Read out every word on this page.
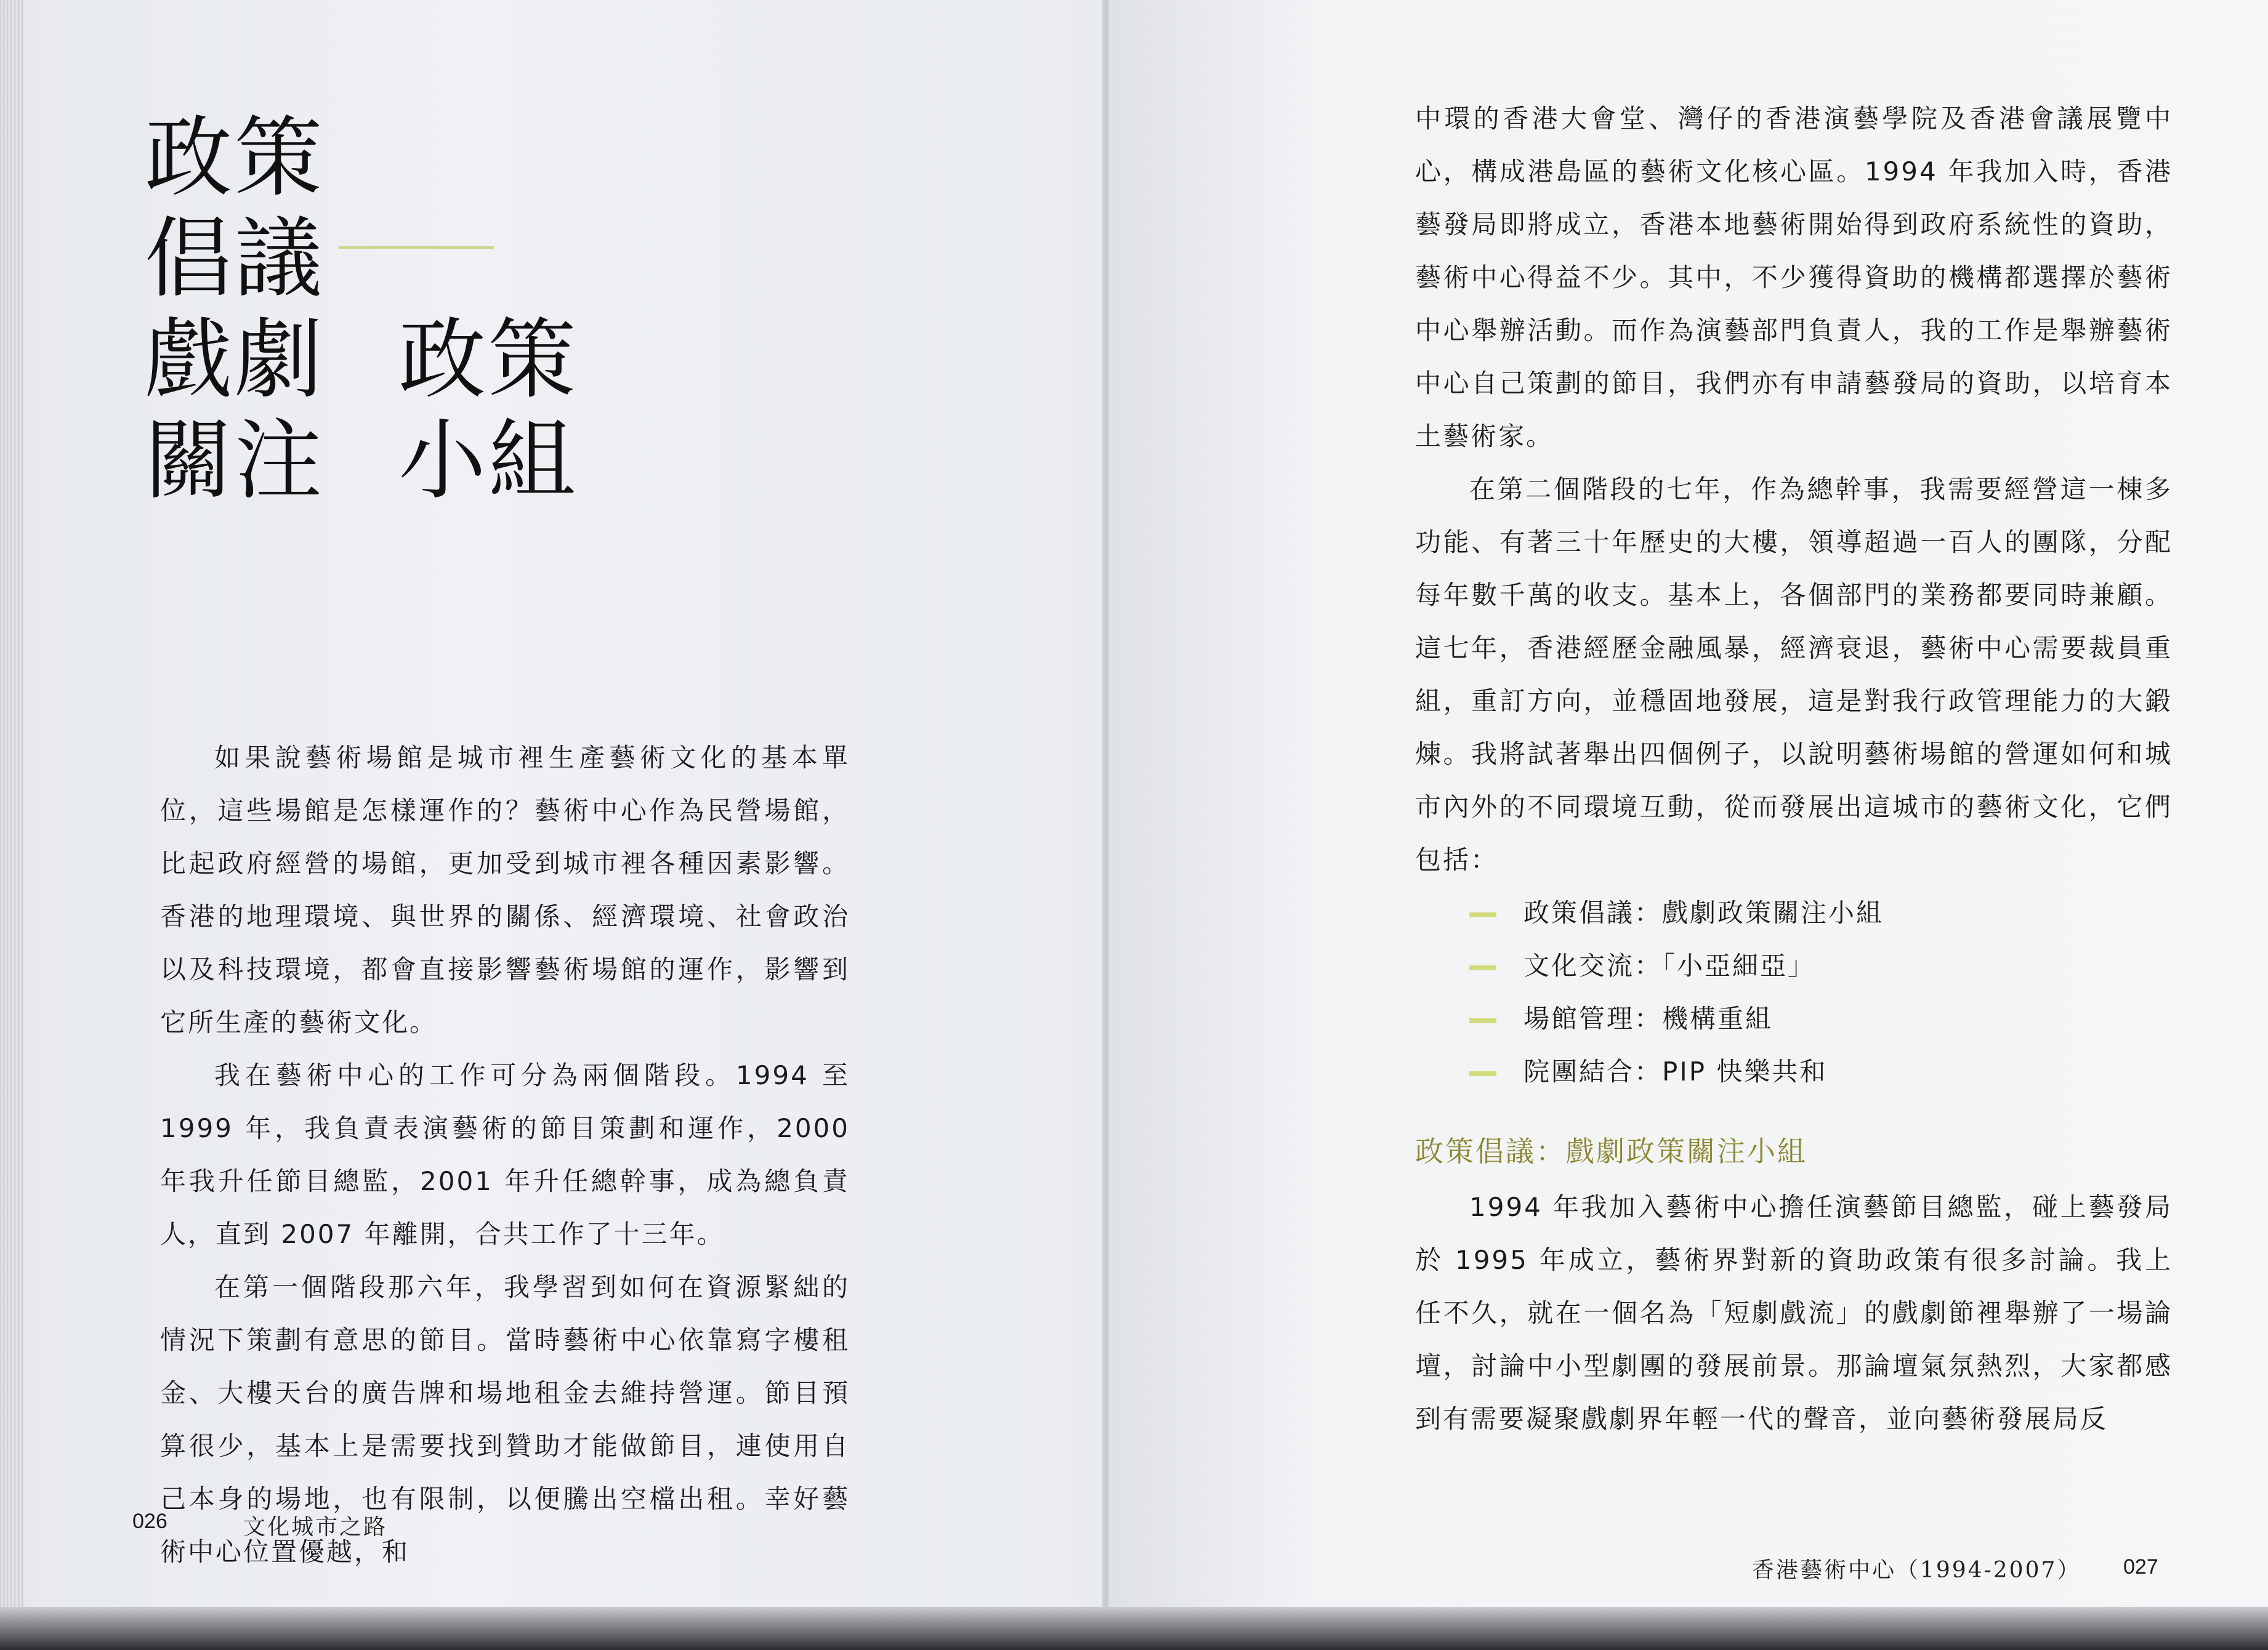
政策
倡議
戲劇 政策
關注 小組

如果說藝術場館是城市裡生產藝術文化的基本單位，這些場館是怎樣運作的？藝術中心作為民營場館，比起政府經營的場館，更加受到城市裡各種因素影響。香港的地理環境、與世界的關係、經濟環境、社會政治以及科技環境，都會直接影響藝術場館的運作，影響到它所生產的藝術文化。

我在藝術中心的工作可分為兩個階段。1994 至 1999 年，我負責表演藝術的節目策劃和運作，2000 年我升任節目總監，2001 年升任總幹事，成為總負責人，直到 2007 年離開，合共工作了十三年。

在第一個階段那六年，我學習到如何在資源緊絀的情況下策劃有意思的節目。當時藝術中心依靠寫字樓租金、大樓天台的廣告牌和場地租金去維持營運。節目預算很少，基本上是需要找到贊助才能做節目，連使用自己本身的場地，也有限制，以便騰出空檔出租。幸好藝術中心位置優越，和

026	文化城市之路

中環的香港大會堂、灣仔的香港演藝學院及香港會議展覽中心，構成港島區的藝術文化核心區。1994 年我加入時，香港藝發局即將成立，香港本地藝術開始得到政府系統性的資助，藝術中心得益不少。其中，不少獲得資助的機構都選擇於藝術中心舉辦活動。而作為演藝部門負責人，我的工作是舉辦藝術中心自己策劃的節目，我們亦有申請藝發局的資助，以培育本土藝術家。

在第二個階段的七年，作為總幹事，我需要經營這一棟多功能、有著三十年歷史的大樓，領導超過一百人的團隊，分配每年數千萬的收支。基本上，各個部門的業務都要同時兼顧。這七年，香港經歷金融風暴，經濟衰退，藝術中心需要裁員重組，重訂方向，並穩固地發展，這是對我行政管理能力的大鍛煉。我將試著舉出四個例子，以說明藝術場館的營運如何和城市內外的不同環境互動，從而發展出這城市的藝術文化，它們包括：

政策倡議：戲劇政策關注小組
文化交流：「小亞細亞」
場館管理：機構重組
院團結合：PIP 快樂共和
政策倡議：戲劇政策關注小組

1994 年我加入藝術中心擔任演藝節目總監，碰上藝發局於 1995 年成立，藝術界對新的資助政策有很多討論。我上任不久，就在一個名為「短劇戲流」的戲劇節裡舉辦了一場論壇，討論中小型劇團的發展前景。那論壇氣氛熱烈，大家都感到有需要凝聚戲劇界年輕一代的聲音，並向藝術發展局反

香港藝術中心（1994-2007） 027
